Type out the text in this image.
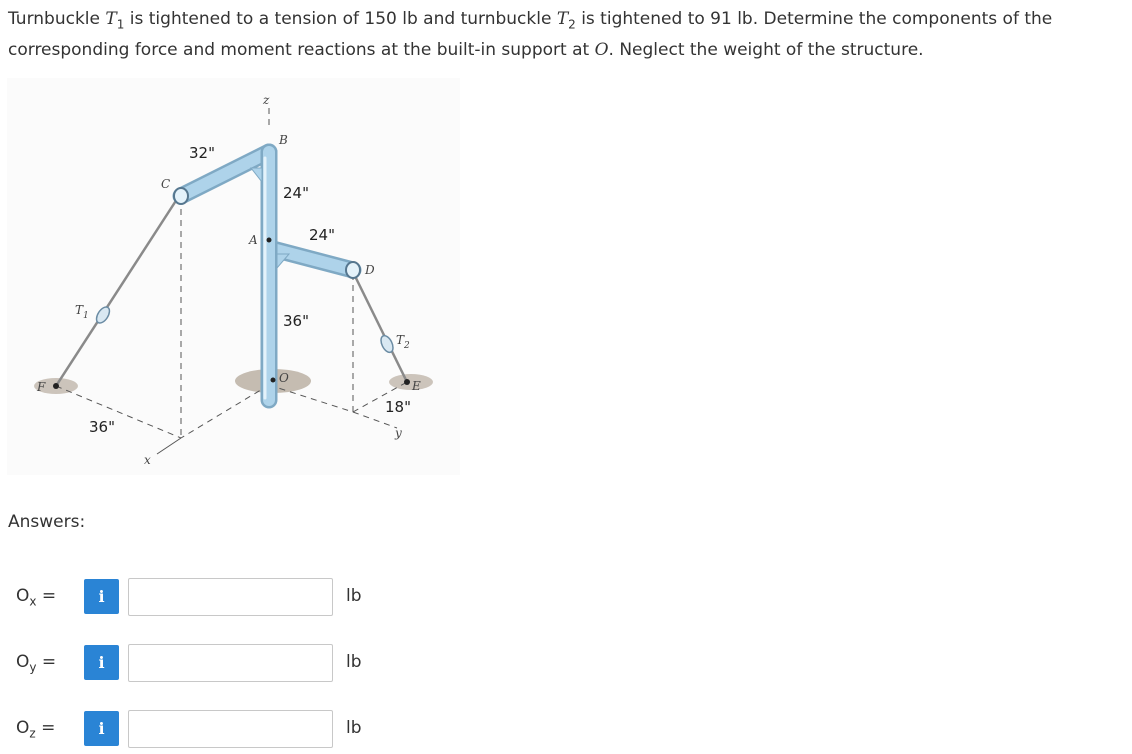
Turnbuckle $T_1$ is tightened to a tension of 150 lb and turnbuckle $T_2$ is tightened to 91 lb. Determine the components of the corresponding force and moment reactions at the built-in support at O. Neglect the weight of the structure.
z
B
C
A
D
O
F	E
x
y
$T_1$
$T_2$
32"
24"
24"
36"
36"
18"
Answers:
$O_x$ =	i	lb
$O_y$ =	i	lb
$O_z$ =	i	lb
